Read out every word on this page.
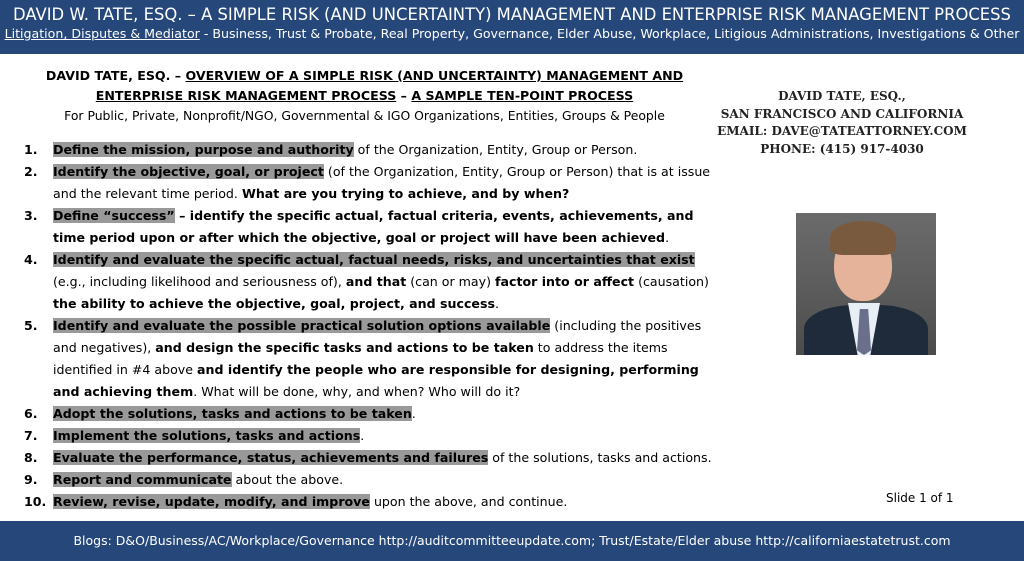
DAVID W. TATE, ESQ. – A SIMPLE RISK (AND UNCERTAINTY) MANAGEMENT AND ENTERPRISE RISK MANAGEMENT PROCESS
Litigation, Disputes & Mediator - Business, Trust & Probate, Real Property, Governance, Elder Abuse, Workplace, Litigious Administrations, Investigations & Other
DAVID TATE, ESQ. – OVERVIEW OF A SIMPLE RISK (AND UNCERTAINTY) MANAGEMENT AND ENTERPRISE RISK MANAGEMENT PROCESS – A SAMPLE TEN-POINT PROCESS
For Public, Private, Nonprofit/NGO, Governmental & IGO Organizations, Entities, Groups & People
DAVID TATE, ESQ.,
SAN FRANCISCO AND CALIFORNIA
EMAIL: DAVE@TATEATTORNEY.COM
PHONE: (415) 917-4030
1. Define the mission, purpose and authority of the Organization, Entity, Group or Person.
2. Identify the objective, goal, or project (of the Organization, Entity, Group or Person) that is at issue and the relevant time period. What are you trying to achieve, and by when?
3. Define “success” – identify the specific actual, factual criteria, events, achievements, and time period upon or after which the objective, goal or project will have been achieved.
4. Identify and evaluate the specific actual, factual needs, risks, and uncertainties that exist (e.g., including likelihood and seriousness of), and that (can or may) factor into or affect (causation) the ability to achieve the objective, goal, project, and success.
5. Identify and evaluate the possible practical solution options available (including the positives and negatives), and design the specific tasks and actions to be taken to address the items identified in #4 above and identify the people who are responsible for designing, performing and achieving them. What will be done, why, and when? Who will do it?
6. Adopt the solutions, tasks and actions to be taken.
7. Implement the solutions, tasks and actions.
8. Evaluate the performance, status, achievements and failures of the solutions, tasks and actions.
9. Report and communicate about the above.
10. Review, revise, update, modify, and improve upon the above, and continue.	Slide 1 of 1
Blogs: D&O/Business/AC/Workplace/Governance http://auditcommitteeupdate.com; Trust/Estate/Elder abuse http://californiaestatetrust.com
